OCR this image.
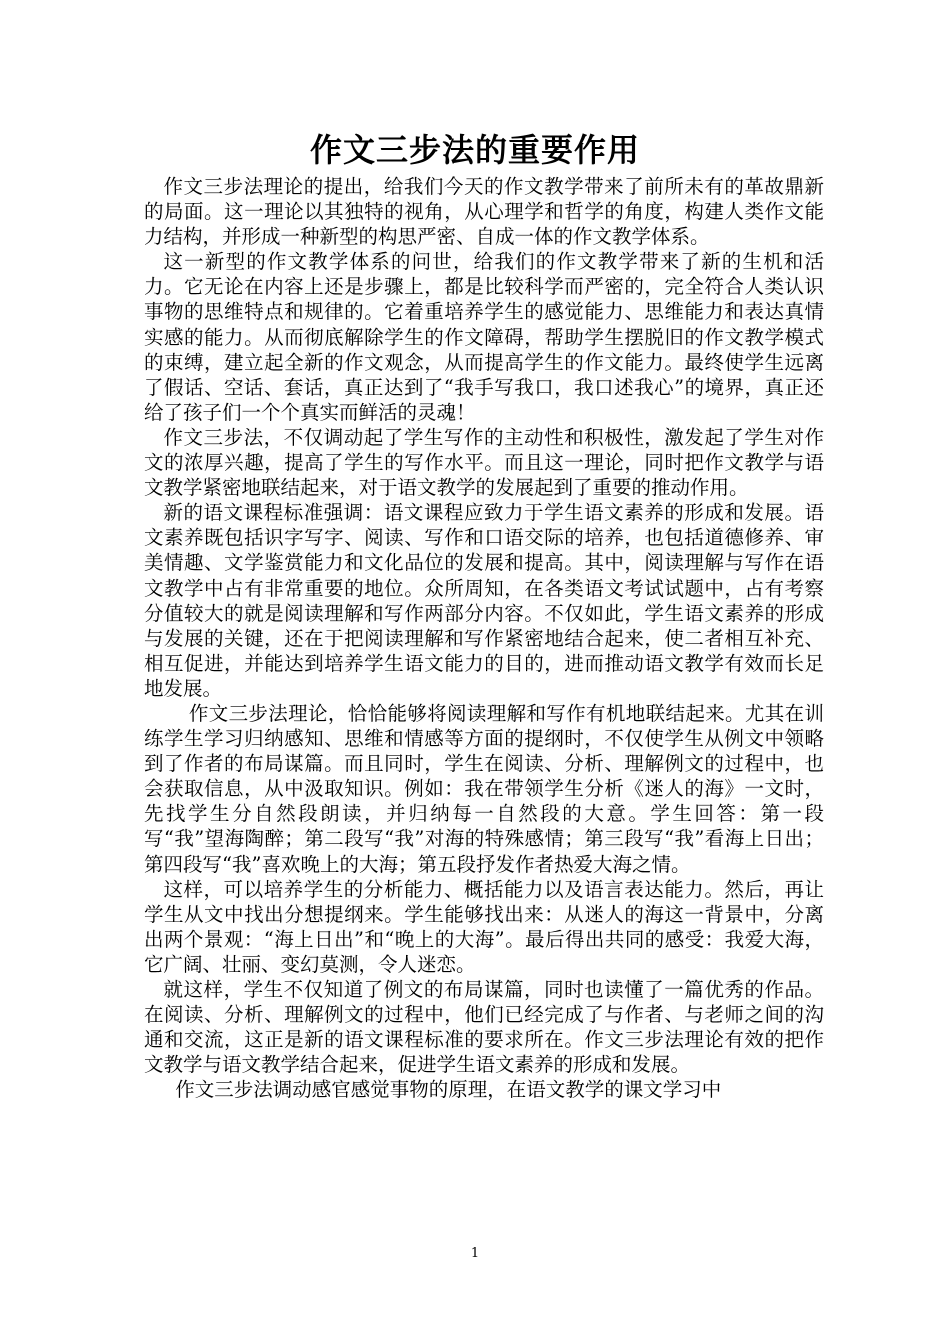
作文三步法的重要作用

作文三步法理论的提出，给我们今天的作文教学带来了前所未有的革故鼎新的局面。这一理论以其独特的视角，从心理学和哲学的角度，构建人类作文能力结构，并形成一种新型的构思严密、自成一体的作文教学体系。

这一新型的作文教学体系的问世，给我们的作文教学带来了新的生机和活力。它无论在内容上还是步骤上，都是比较科学而严密的，完全符合人类认识事物的思维特点和规律的。它着重培养学生的感觉能力、思维能力和表达真情实感的能力。从而彻底解除学生的作文障碍，帮助学生摆脱旧的作文教学模式的束缚，建立起全新的作文观念，从而提高学生的作文能力。最终使学生远离了假话、空话、套话，真正达到了“我手写我口，我口述我心”的境界，真正还给了孩子们一个个真实而鲜活的灵魂！

作文三步法，不仅调动起了学生写作的主动性和积极性，激发起了学生对作文的浓厚兴趣，提高了学生的写作水平。而且这一理论，同时把作文教学与语文教学紧密地联结起来，对于语文教学的发展起到了重要的推动作用。

新的语文课程标准强调：语文课程应致力于学生语文素养的形成和发展。语文素养既包括识字写字、阅读、写作和口语交际的培养，也包括道德修养、审美情趣、文学鉴赏能力和文化品位的发展和提高。其中，阅读理解与写作在语文教学中占有非常重要的地位。众所周知，在各类语文考试试题中，占有考察分值较大的就是阅读理解和写作两部分内容。不仅如此，学生语文素养的形成与发展的关键，还在于把阅读理解和写作紧密地结合起来，使二者相互补充、相互促进，并能达到培养学生语文能力的目的，进而推动语文教学有效而长足地发展。

作文三步法理论，恰恰能够将阅读理解和写作有机地联结起来。尤其在训练学生学习归纳感知、思维和情感等方面的提纲时，不仅使学生从例文中领略到了作者的布局谋篇。而且同时，学生在阅读、分析、理解例文的过程中，也会获取信息，从中汲取知识。例如：我在带领学生分析《迷人的海》一文时，先找学生分自然段朗读，并归纳每一自然段的大意。学生回答：第一段写“我”望海陶醉；第二段写“我”对海的特殊感情；第三段写“我”看海上日出；第四段写“我”喜欢晚上的大海；第五段抒发作者热爱大海之情。

这样，可以培养学生的分析能力、概括能力以及语言表达能力。然后，再让学生从文中找出分想提纲来。学生能够找出来：从迷人的海这一背景中，分离出两个景观：“海上日出”和“晚上的大海”。最后得出共同的感受：我爱大海，它广阔、壮丽、变幻莫测，令人迷恋。

就这样，学生不仅知道了例文的布局谋篇，同时也读懂了一篇优秀的作品。在阅读、分析、理解例文的过程中，他们已经完成了与作者、与老师之间的沟通和交流，这正是新的语文课程标准的要求所在。作文三步法理论有效的把作文教学与语文教学结合起来，促进学生语文素养的形成和发展。

作文三步法调动感官感觉事物的原理，在语文教学的课文学习中

1
